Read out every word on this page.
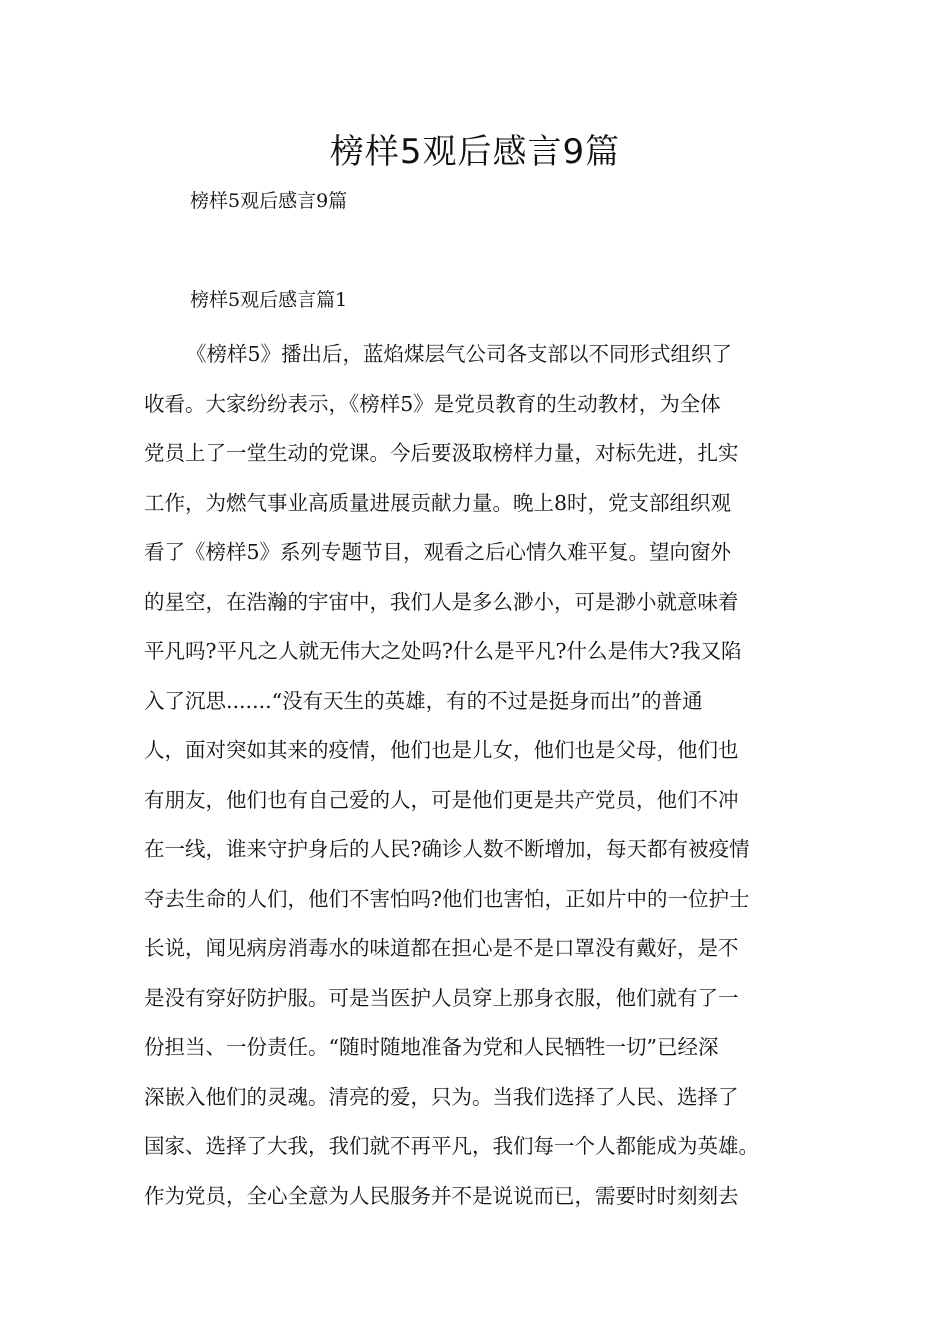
榜样5观后感言9篇
榜样5观后感言9篇
榜样5观后感言篇1
《榜样5》播出后，蓝焰煤层气公司各支部以不同形式组织了
收看。大家纷纷表示，《榜样5》是党员教育的生动教材，为全体
党员上了一堂生动的党课。今后要汲取榜样力量，对标先进，扎实
工作，为燃气事业高质量进展贡献力量。晚上8时，党支部组织观
看了《榜样5》系列专题节目，观看之后心情久难平复。望向窗外
的星空，在浩瀚的宇宙中，我们人是多么渺小，可是渺小就意味着
平凡吗?平凡之人就无伟大之处吗?什么是平凡?什么是伟大?我又陷
入了沉思.......“没有天生的英雄，有的不过是挺身而出”的普通
人，面对突如其来的疫情，他们也是儿女，他们也是父母，他们也
有朋友，他们也有自己爱的人，可是他们更是共产党员，他们不冲
在一线，谁来守护身后的人民?确诊人数不断增加，每天都有被疫情
夺去生命的人们，他们不害怕吗?他们也害怕，正如片中的一位护士
长说，闻见病房消毒水的味道都在担心是不是口罩没有戴好，是不
是没有穿好防护服。可是当医护人员穿上那身衣服，他们就有了一
份担当、一份责任。“随时随地准备为党和人民牺牲一切”已经深
深嵌入他们的灵魂。清亮的爱，只为。当我们选择了人民、选择了
国家、选择了大我，我们就不再平凡，我们每一个人都能成为英雄。
作为党员，全心全意为人民服务并不是说说而已，需要时时刻刻去
